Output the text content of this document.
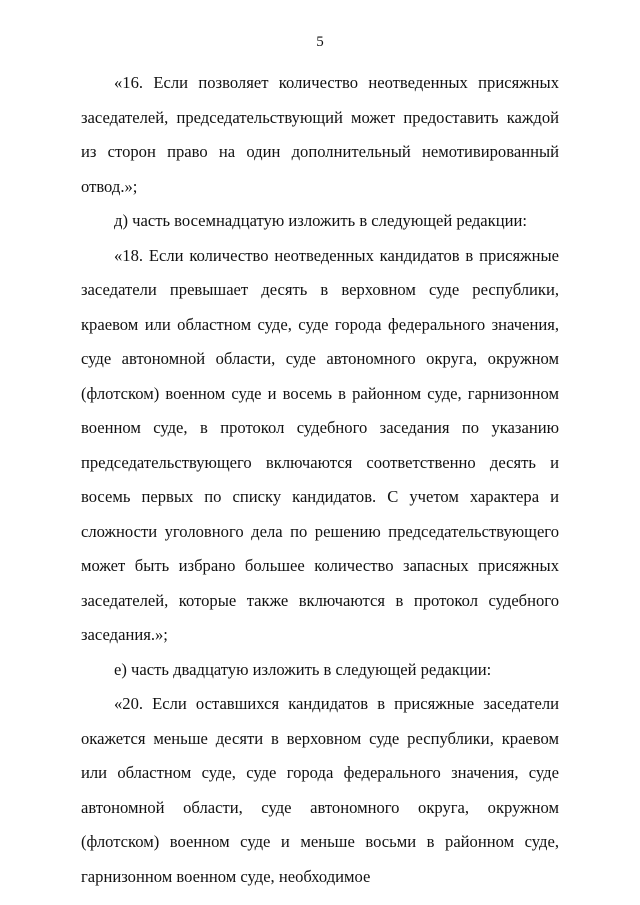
5

«16. Если позволяет количество неотведенных присяжных заседателей, председательствующий может предоставить каждой из сторон право на один дополнительный немотивированный отвод.»;

д) часть восемнадцатую изложить в следующей редакции:

«18. Если количество неотведенных кандидатов в присяжные заседатели превышает десять в верховном суде республики, краевом или областном суде, суде города федерального значения, суде автономной области, суде автономного округа, окружном (флотском) военном суде и восемь в районном суде, гарнизонном военном суде, в протокол судебного заседания по указанию председательствующего включаются соответственно десять и восемь первых по списку кандидатов. С учетом характера и сложности уголовного дела по решению председательствующего может быть избрано большее количество запасных присяжных заседателей, которые также включаются в протокол судебного заседания.»;

е) часть двадцатую изложить в следующей редакции:

«20. Если оставшихся кандидатов в присяжные заседатели окажется меньше десяти в верховном суде республики, краевом или областном суде, суде города федерального значения, суде автономной области, суде автономного округа, окружном (флотском) военном суде и меньше восьми в районном суде, гарнизонном военном суде, необходимое
